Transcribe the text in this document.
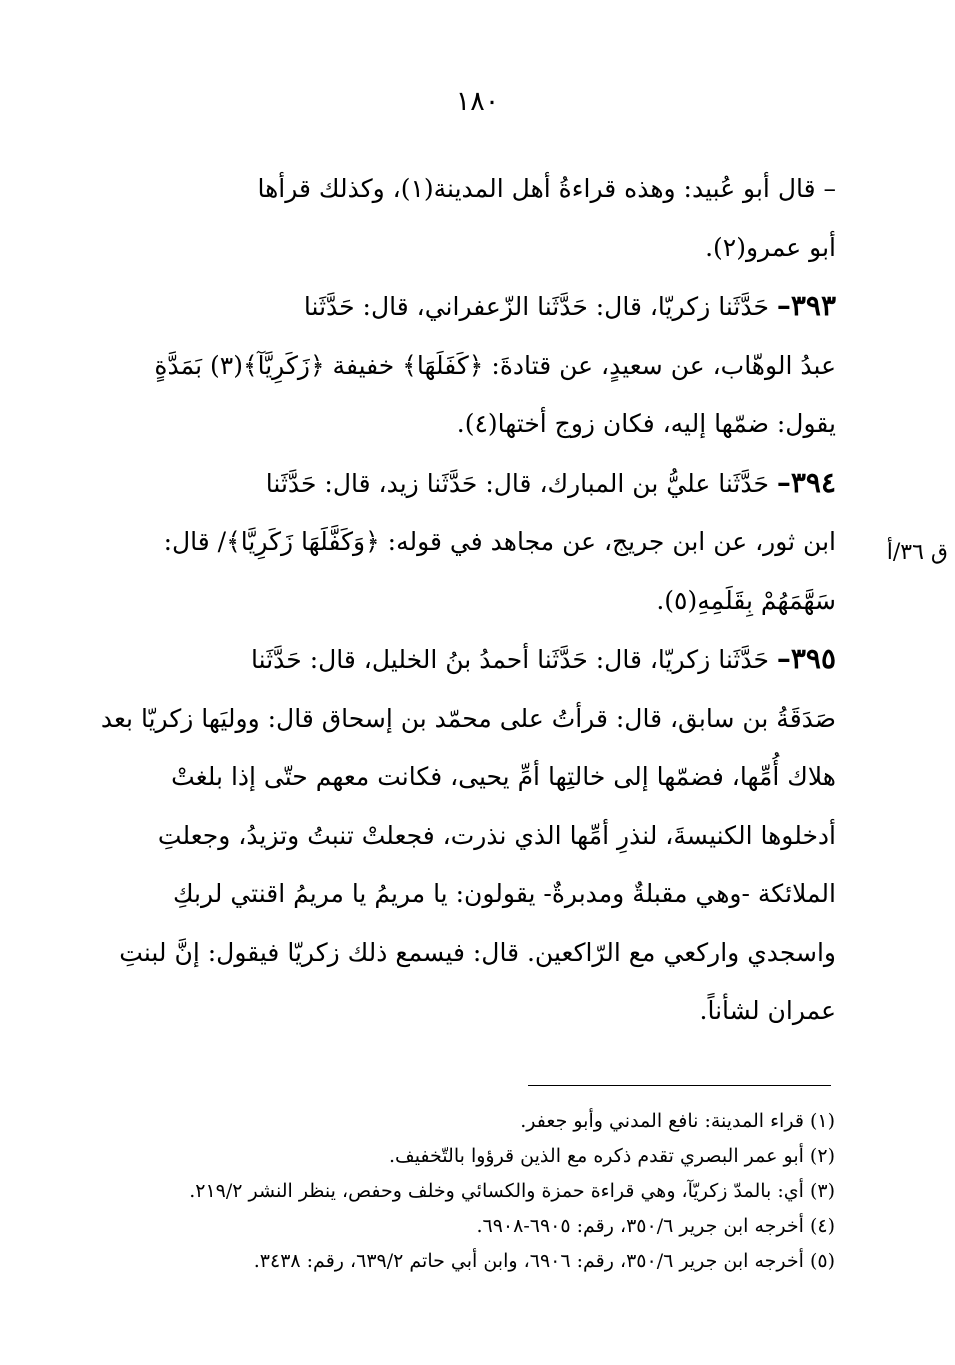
١٨٠
ق ٣٦/أ

– قال أبو عُبيد: وهذه قراءةُ أهل المدينة(١)، وكذلك قرأها
أبو عمرو(٢).

٣٩٣– حَدَّثَنا زكريّا، قال: حَدَّثَنا الزّعفراني، قال: حَدَّثَنا
عبدُ الوهّاب، عن سعيدٍ، عن قتادةَ: ﴿كَفَلَهَا﴾ خفيفة ﴿زَكَرِيَّآ﴾(٣) بَمَدَّةٍ
يقول: ضمّها إليه، فكان زوج أختها(٤).

٣٩٤– حَدَّثَنا عليُّ بن المبارك، قال: حَدَّثَنا زيد، قال: حَدَّثَنا
ابن ثور، عن ابن جريج، عن مجاهد في قوله: ﴿وَكَفَّلَهَا زَكَرِيَّا﴾/ قال:
سَهَّمَهُمْ بِقَلَمِهِ(٥).

٣٩٥– حَدَّثَنا زكريّا، قال: حَدَّثَنا أحمدُ بنُ الخليل، قال: حَدَّثَنا
صَدَقَةُ بن سابق، قال: قرأتُ على محمّد بن إسحاق قال: ووليَها زكريّا بعد
هلاك أُمِّها، فضمّها إلى خالتِها أمِّ يحيى، فكانت معهم حتّى إذا بلغتْ
أدخلوها الكنيسةَ، لنذرِ أمِّها الذي نذرت، فجعلتْ تنبتُ وتزيدُ، وجعلتِ
الملائكة -وهي مقبلةٌ ومدبرةٌ- يقولون: يا مريمُ يا مريمُ اقنتي لربكِ
واسجدي واركعي مع الرّاكعين. قال: فيسمع ذلك زكريّا فيقول: إنَّ لبنتِ
عمران لشأناً.

(١) قراء المدينة: نافع المدني وأبو جعفر.

(٢) أبو عمر البصري تقدم ذكره مع الذين قرؤوا بالتّخفيف.

(٣) أي: بالمدّ زكريّآ، وهي قراءة حمزة والكسائي وخلف وحفص، ينظر النشر ٢١٩/٢.

(٤) أخرجه ابن جرير ٣٥٠/٦، رقم: ٦٩٠٥-٦٩٠٨.

(٥) أخرجه ابن جرير ٣٥٠/٦، رقم: ٦٩٠٦، وابن أبي حاتم ٦٣٩/٢، رقم: ٣٤٣٨.
